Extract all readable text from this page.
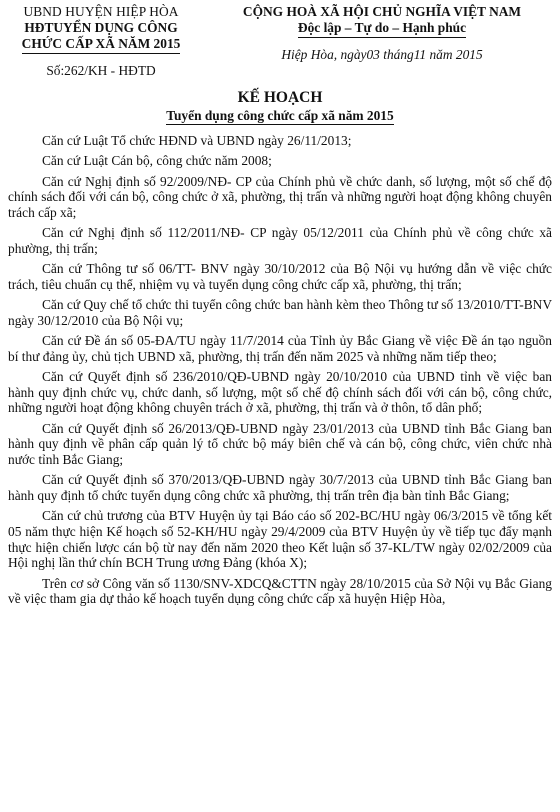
UBND HUYỆN HIỆP HÒA
HĐTUYỂN DỤNG CÔNG
CHỨC CẤP XÃ NĂM 2015
Số:262/KH - HĐTD
CỘNG HOÀ XÃ HỘI CHỦ NGHĨA VIỆT NAM
Độc lập – Tự do – Hạnh phúc
Hiệp Hòa, ngày03 tháng11 năm 2015
KẾ HOẠCH
Tuyển dụng công chức cấp xã năm 2015

Căn cứ Luật Tổ chức HĐND và UBND ngày 26/11/2013;

Căn cứ Luật Cán bộ, công chức năm 2008;

Căn cứ Nghị định số 92/2009/NĐ- CP của Chính phủ về chức danh, số lượng, một số chế độ chính sách đối với cán bộ, công chức ở xã, phường, thị trấn và những người hoạt động không chuyên trách cấp xã;

Căn cứ Nghị định số 112/2011/NĐ- CP ngày 05/12/2011 của Chính phủ về công chức xã phường, thị trấn;

Căn cứ Thông tư số 06/TT- BNV ngày 30/10/2012 của Bộ Nội vụ hướng dẫn về việc chức trách, tiêu chuẩn cụ thể, nhiệm vụ và tuyển dụng công chức cấp xã, phường, thị trấn;

Căn cứ Quy chế tổ chức thi tuyển công chức ban hành kèm theo Thông tư số 13/2010/TT-BNV ngày 30/12/2010 của Bộ Nội vụ;

Căn cứ Đề án số 05-ĐA/TU ngày 11/7/2014 của Tỉnh ủy Bắc Giang về việc Đề án tạo nguồn bí thư đảng ủy, chủ tịch UBND xã, phường, thị trấn đến năm 2025 và những năm tiếp theo;

Căn cứ Quyết định số 236/2010/QĐ-UBND ngày 20/10/2010 của UBND tỉnh về việc ban hành quy định chức vụ, chức danh, số lượng, một số chế độ chính sách đối với cán bộ, công chức, những người hoạt động không chuyên trách ở xã, phường, thị trấn và ở thôn, tổ dân phố;

Căn cứ Quyết định số 26/2013/QĐ-UBND ngày 23/01/2013 của UBND tỉnh Bắc Giang ban hành quy định về phân cấp quản lý tổ chức bộ máy biên chế và cán bộ, công chức, viên chức nhà nước tỉnh Bắc Giang;

Căn cứ Quyết định số 370/2013/QĐ-UBND ngày 30/7/2013 của UBND tỉnh Bắc Giang ban hành quy định tổ chức tuyển dụng công chức xã phường, thị trấn trên địa bàn tỉnh Bắc Giang;

Căn cứ chủ trương của BTV Huyện ủy tại Báo cáo số 202-BC/HU ngày 06/3/2015 về tổng kết 05 năm thực hiện Kế hoạch số 52-KH/HU ngày 29/4/2009 của BTV Huyện ủy về tiếp tục đẩy mạnh thực hiện chiến lược cán bộ từ nay đến năm 2020 theo Kết luận số 37-KL/TW ngày 02/02/2009 của Hội nghị lần thứ chín BCH Trung ương Đảng (khóa X);

Trên cơ sở Công văn số 1130/SNV-XDCQ&CTTN ngày 28/10/2015 của Sở Nội vụ Bắc Giang về việc tham gia dự thảo kế hoạch tuyển dụng công chức cấp xã huyện Hiệp Hòa,
